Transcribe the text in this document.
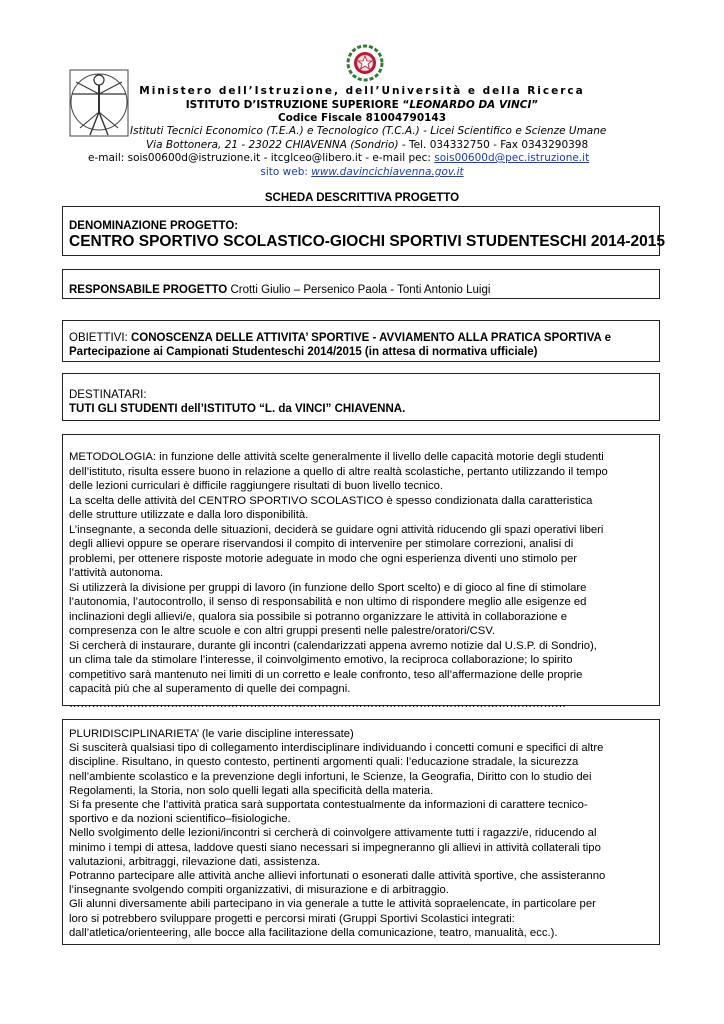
Ministero dell’Istruzione, dell’Università e della Ricerca
ISTITUTO D’ISTRUZIONE SUPERIORE “LEONARDO DA VINCI”
Codice Fiscale 81004790143
Istituti Tecnici Economico (T.E.A.) e Tecnologico (T.C.A.) - Licei Scientifico e Scienze Umane
Via Bottonera, 21 - 23022 CHIAVENNA (Sondrio) - Tel. 034332750 - Fax 0343290398
e-mail: sois00600d@istruzione.it - itcglceo@libero.it - e-mail pec: sois00600d@pec.istruzione.it
sito web: www.davincichiavenna.gov.it
SCHEDA DESCRITTIVA PROGETTO
DENOMINAZIONE PROGETTO:
CENTRO SPORTIVO SCOLASTICO-GIOCHI SPORTIVI STUDENTESCHI 2014-2015
RESPONSABILE PROGETTO Crotti Giulio – Persenico Paola - Tonti Antonio Luigi
OBIETTIVI: CONOSCENZA DELLE ATTIVITA’ SPORTIVE - AVVIAMENTO ALLA PRATICA SPORTIVA e
Partecipazione ai Campionati Studenteschi 2014/2015 (in attesa di normativa ufficiale)
DESTINATARI:
TUTI GLI STUDENTI dell’ISTITUTO “L. da VINCI” CHIAVENNA.
METODOLOGIA: in funzione delle attività scelte generalmente il livello delle capacità motorie degli studenti
dell’istituto, risulta essere buono in relazione a quello di altre realtà scolastiche, pertanto utilizzando il tempo
delle lezioni curriculari è difficile raggiungere risultati di buon livello tecnico.
La scelta delle attività del CENTRO SPORTIVO SCOLASTICO è spesso condizionata dalla caratteristica
delle strutture utilizzate e dalla loro disponibilità.
L’insegnante, a seconda delle situazioni, deciderà se guidare ogni attività riducendo gli spazi operativi liberi
degli allievi oppure se operare riservandosi il compito di intervenire per stimolare correzioni, analisi di
problemi, per ottenere risposte motorie adeguate in modo che ogni esperienza diventi uno stimolo per
l’attività autonoma.
Si utilizzerà la divisione per gruppi di lavoro (in funzione dello Sport scelto) e di gioco al fine di stimolare
l’autonomia, l’autocontrollo, il senso di responsabilità e non ultimo di rispondere meglio alle esigenze ed
inclinazioni degli allievi/e, qualora sia possibile si potranno organizzare le attività in collaborazione e
compresenza con le altre scuole e con altri gruppi presenti nelle palestre/oratori/CSV.
Si cercherà di instaurare, durante gli incontri (calendarizzati appena avremo notizie dal U.S.P. di Sondrio),
un clima tale da stimolare l’interesse, il coinvolgimento emotivo, la reciproca collaborazione; lo spirito
competitivo sarà mantenuto nei limiti di un corretto e leale confronto, teso all’affermazione delle proprie
capacità più che al superamento di quelle dei compagni.
……………………………………………………………………………………………………………………
PLURIDISCIPLINARIETA’ (le varie discipline interessate)
Si susciterà qualsiasi tipo di collegamento interdisciplinare individuando i concetti comuni e specifici di altre
discipline. Risultano, in questo contesto, pertinenti argomenti quali: l’educazione stradale, la sicurezza
nell’ambiente scolastico e la prevenzione degli infortuni, le Scienze, la Geografia, Diritto con lo studio dei
Regolamenti, la Storia, non solo quelli legati alla specificità della materia.
Si fa presente che l’attività pratica sarà supportata contestualmente da informazioni di carattere tecnico-
sportivo e da nozioni scientifico–fisiologiche.
Nello svolgimento delle lezioni/incontri si cercherà di coinvolgere attivamente tutti i ragazzi/e, riducendo al
minimo i tempi di attesa, laddove questi siano necessari si impegneranno gli allievi in attività collaterali tipo
valutazioni, arbitraggi, rilevazione dati, assistenza.
Potranno partecipare alle attività anche allievi infortunati o esonerati dalle attività sportive, che assisteranno
l’insegnante svolgendo compiti organizzativi, di misurazione e di arbitraggio.
Gli alunni diversamente abili partecipano in via generale a tutte le attività sopraelencate, in particolare per
loro si potrebbero sviluppare progetti e percorsi mirati (Gruppi Sportivi Scolastici integrati:
dall’atletica/orienteering, alle bocce alla facilitazione della comunicazione, teatro, manualità, ecc.).
